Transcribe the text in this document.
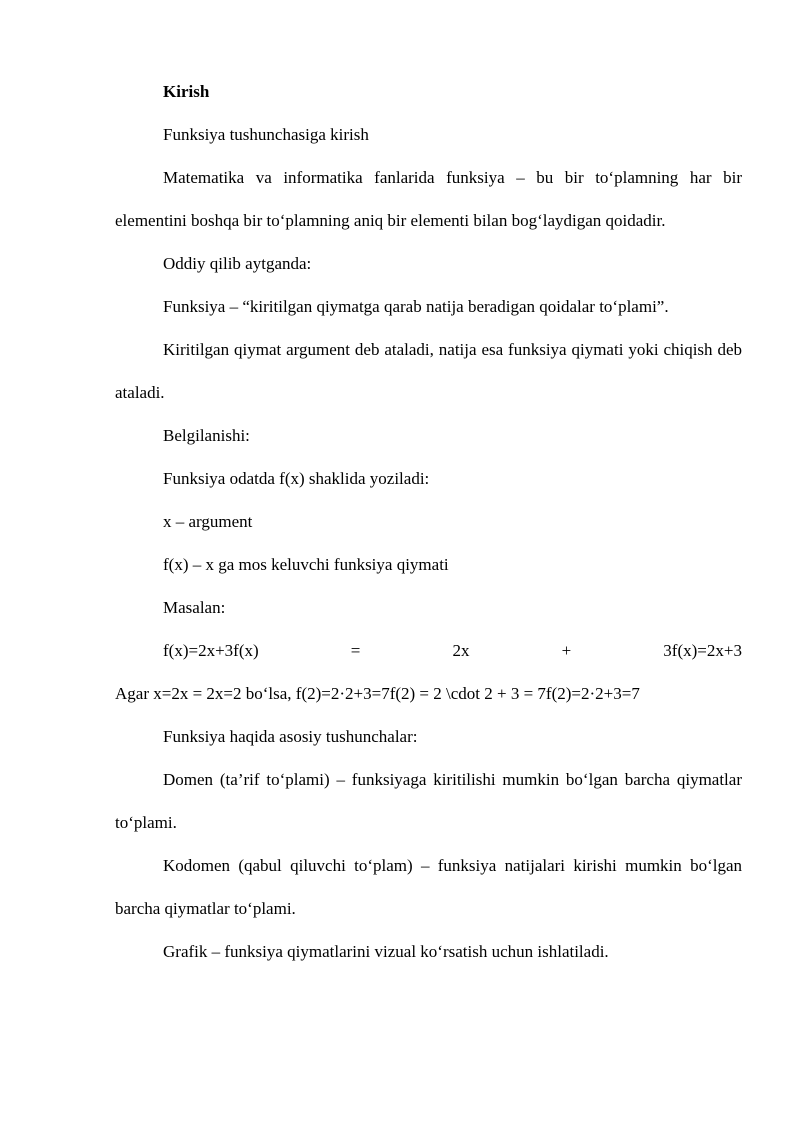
Kirish

Funksiya tushunchasiga kirish

Matematika va informatika fanlarida funksiya – bu bir to‘plamning har bir elementini boshqa bir to‘plamning aniq bir elementi bilan bog‘laydigan qoidadir.

Oddiy qilib aytganda:

Funksiya – “kiritilgan qiymatga qarab natija beradigan qoidalar to‘plami”.

Kiritilgan qiymat argument deb ataladi, natija esa funksiya qiymati yoki chiqish deb ataladi.

Belgilanishi:

Funksiya odatda f(x) shaklida yoziladi:

x – argument

f(x) – x ga mos keluvchi funksiya qiymati

Masalan:

f(x)=2x+3f(x)	=	2x	+	3f(x)=2x+3

Agar x=2x = 2x=2 bo‘lsa, f(2)=2·2+3=7f(2) = 2 \cdot 2 + 3 = 7f(2)=2·2+3=7

Funksiya haqida asosiy tushunchalar:

Domen (ta’rif to‘plami) – funksiyaga kiritilishi mumkin bo‘lgan barcha qiymatlar to‘plami.

Kodomen (qabul qiluvchi to‘plam) – funksiya natijalari kirishi mumkin bo‘lgan barcha qiymatlar to‘plami.

Grafik – funksiya qiymatlarini vizual ko‘rsatish uchun ishlatiladi.
